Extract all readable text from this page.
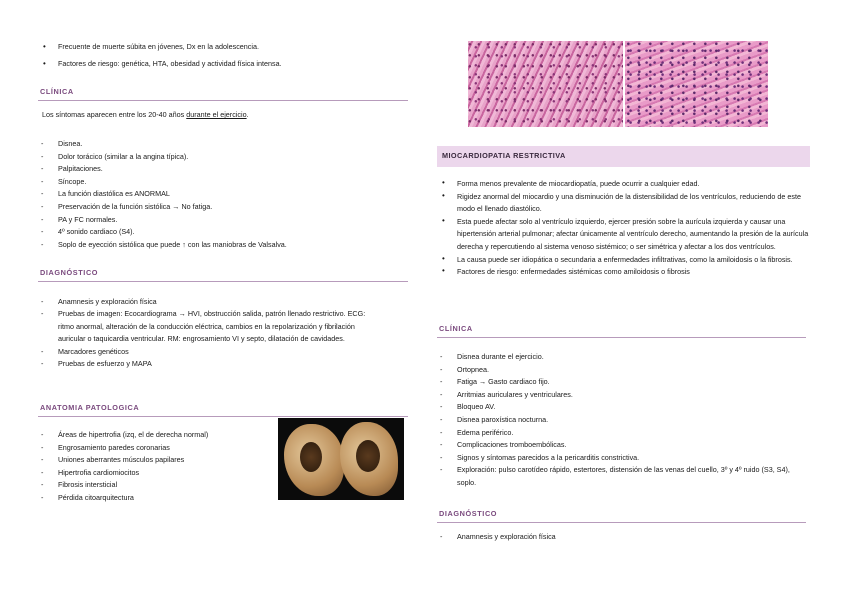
• Frecuente de muerte súbita en jóvenes, Dx en la adolescencia.
• Factores de riesgo: genética, HTA, obesidad y actividad física intensa.
CLÍNICA
Los síntomas aparecen entre los 20-40 años durante el ejercicio.
- Disnea.
- Dolor torácico (similar a la angina típica).
- Palpitaciones.
- Síncope.
- La función diastólica es ANORMAL
- Preservación de la función sistólica → No fatiga.
- PA y FC normales.
- 4º sonido cardiaco (S4).
- Soplo de eyección sistólica que puede ↑ con las maniobras de Valsalva.
DIAGNÓSTICO
- Anamnesis y exploración física
- Pruebas de imagen: Ecocardiograma → HVI, obstrucción salida, patrón llenado restrictivo. ECG: ritmo anormal, alteración de la conducción eléctrica, cambios en la repolarización y fibrilación auricular o taquicardia ventricular. RM: engrosamiento VI y septo, dilatación de cavidades.
- Marcadores genéticos
- Pruebas de esfuerzo y MAPA
ANATOMIA PATOLOGICA
- Áreas de hipertrofia (izq, el de derecha normal)
- Engrosamiento paredes coronarias
- Uniones aberrantes músculos papilares
- Hipertrofia cardiomiocitos
- Fibrosis intersticial
- Pérdida citoarquitectura
MIOCARDIOPATIA RESTRICTIVA
• Forma menos prevalente de miocardiopatía, puede ocurrir a cualquier edad.
• Rigidez anormal del miocardio y una disminución de la distensibilidad de los ventrículos, reduciendo de este modo el llenado diastólico.
• Esta puede afectar solo al ventrículo izquierdo, ejercer presión sobre la aurícula izquierda y causar una hipertensión arterial pulmonar; afectar únicamente al ventrículo derecho, aumentando la presión de la aurícula derecha y repercutiendo al sistema venoso sistémico; o ser simétrica y afectar a los dos ventrículos.
• La causa puede ser idiopática o secundaria a enfermedades infiltrativas, como la amiloidosis o la fibrosis.
• Factores de riesgo: enfermedades sistémicas como amiloidosis o fibrosis
CLÍNICA
- Disnea durante el ejercicio.
- Ortopnea.
- Fatiga → Gasto cardiaco fijo.
- Arritmias auriculares y ventriculares.
- Bloqueo AV.
- Disnea paroxística nocturna.
- Edema periférico.
- Complicaciones tromboembólicas.
- Signos y síntomas parecidos a la pericarditis constrictiva.
- Exploración: pulso carotídeo rápido, estertores, distensión de las venas del cuello, 3º y 4º ruido (S3, S4), soplo.
DIAGNÓSTICO
- Anamnesis y exploración física
